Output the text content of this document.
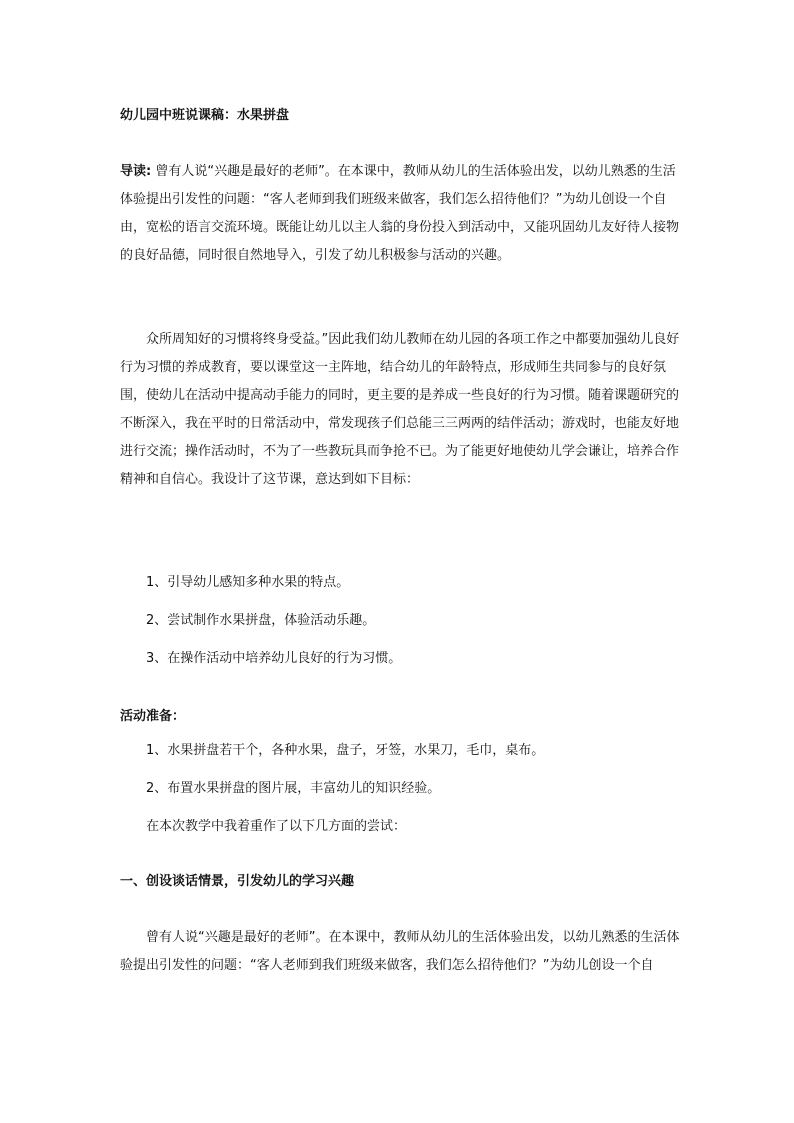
幼儿园中班说课稿：水果拼盘
导读: 曾有人说“兴趣是最好的老师”。在本课中，教师从幼儿的生活体验出发，以幼儿熟悉的生活体验提出引发性的问题：“客人老师到我们班级来做客，我们怎么招待他们？”为幼儿创设一个自由，宽松的语言交流环境。既能让幼儿以主人翁的身份投入到活动中，又能巩固幼儿友好待人接物的良好品德，同时很自然地导入，引发了幼儿积极参与活动的兴趣。
众所周知好的习惯将终身受益。”因此我们幼儿教师在幼儿园的各项工作之中都要加强幼儿良好行为习惯的养成教育，要以课堂这一主阵地，结合幼儿的年龄特点，形成师生共同参与的良好氛围，使幼儿在活动中提高动手能力的同时，更主要的是养成一些良好的行为习惯。随着课题研究的不断深入，我在平时的日常活动中，常发现孩子们总能三三两两的结伴活动；游戏时，也能友好地进行交流；操作活动时，不为了一些教玩具而争抢不已。为了能更好地使幼儿学会谦让，培养合作精神和自信心。我设计了这节课，意达到如下目标：
1、引导幼儿感知多种水果的特点。
2、尝试制作水果拼盘，体验活动乐趣。
3、在操作活动中培养幼儿良好的行为习惯。
活动准备：
1、水果拼盘若干个，各种水果，盘子，牙签，水果刀，毛巾，桌布。
2、布置水果拼盘的图片展，丰富幼儿的知识经验。
在本次教学中我着重作了以下几方面的尝试：
一、创设谈话情景，引发幼儿的学习兴趣
曾有人说“兴趣是最好的老师”。在本课中，教师从幼儿的生活体验出发，以幼儿熟悉的生活体验提出引发性的问题：“客人老师到我们班级来做客，我们怎么招待他们？”为幼儿创设一个自
